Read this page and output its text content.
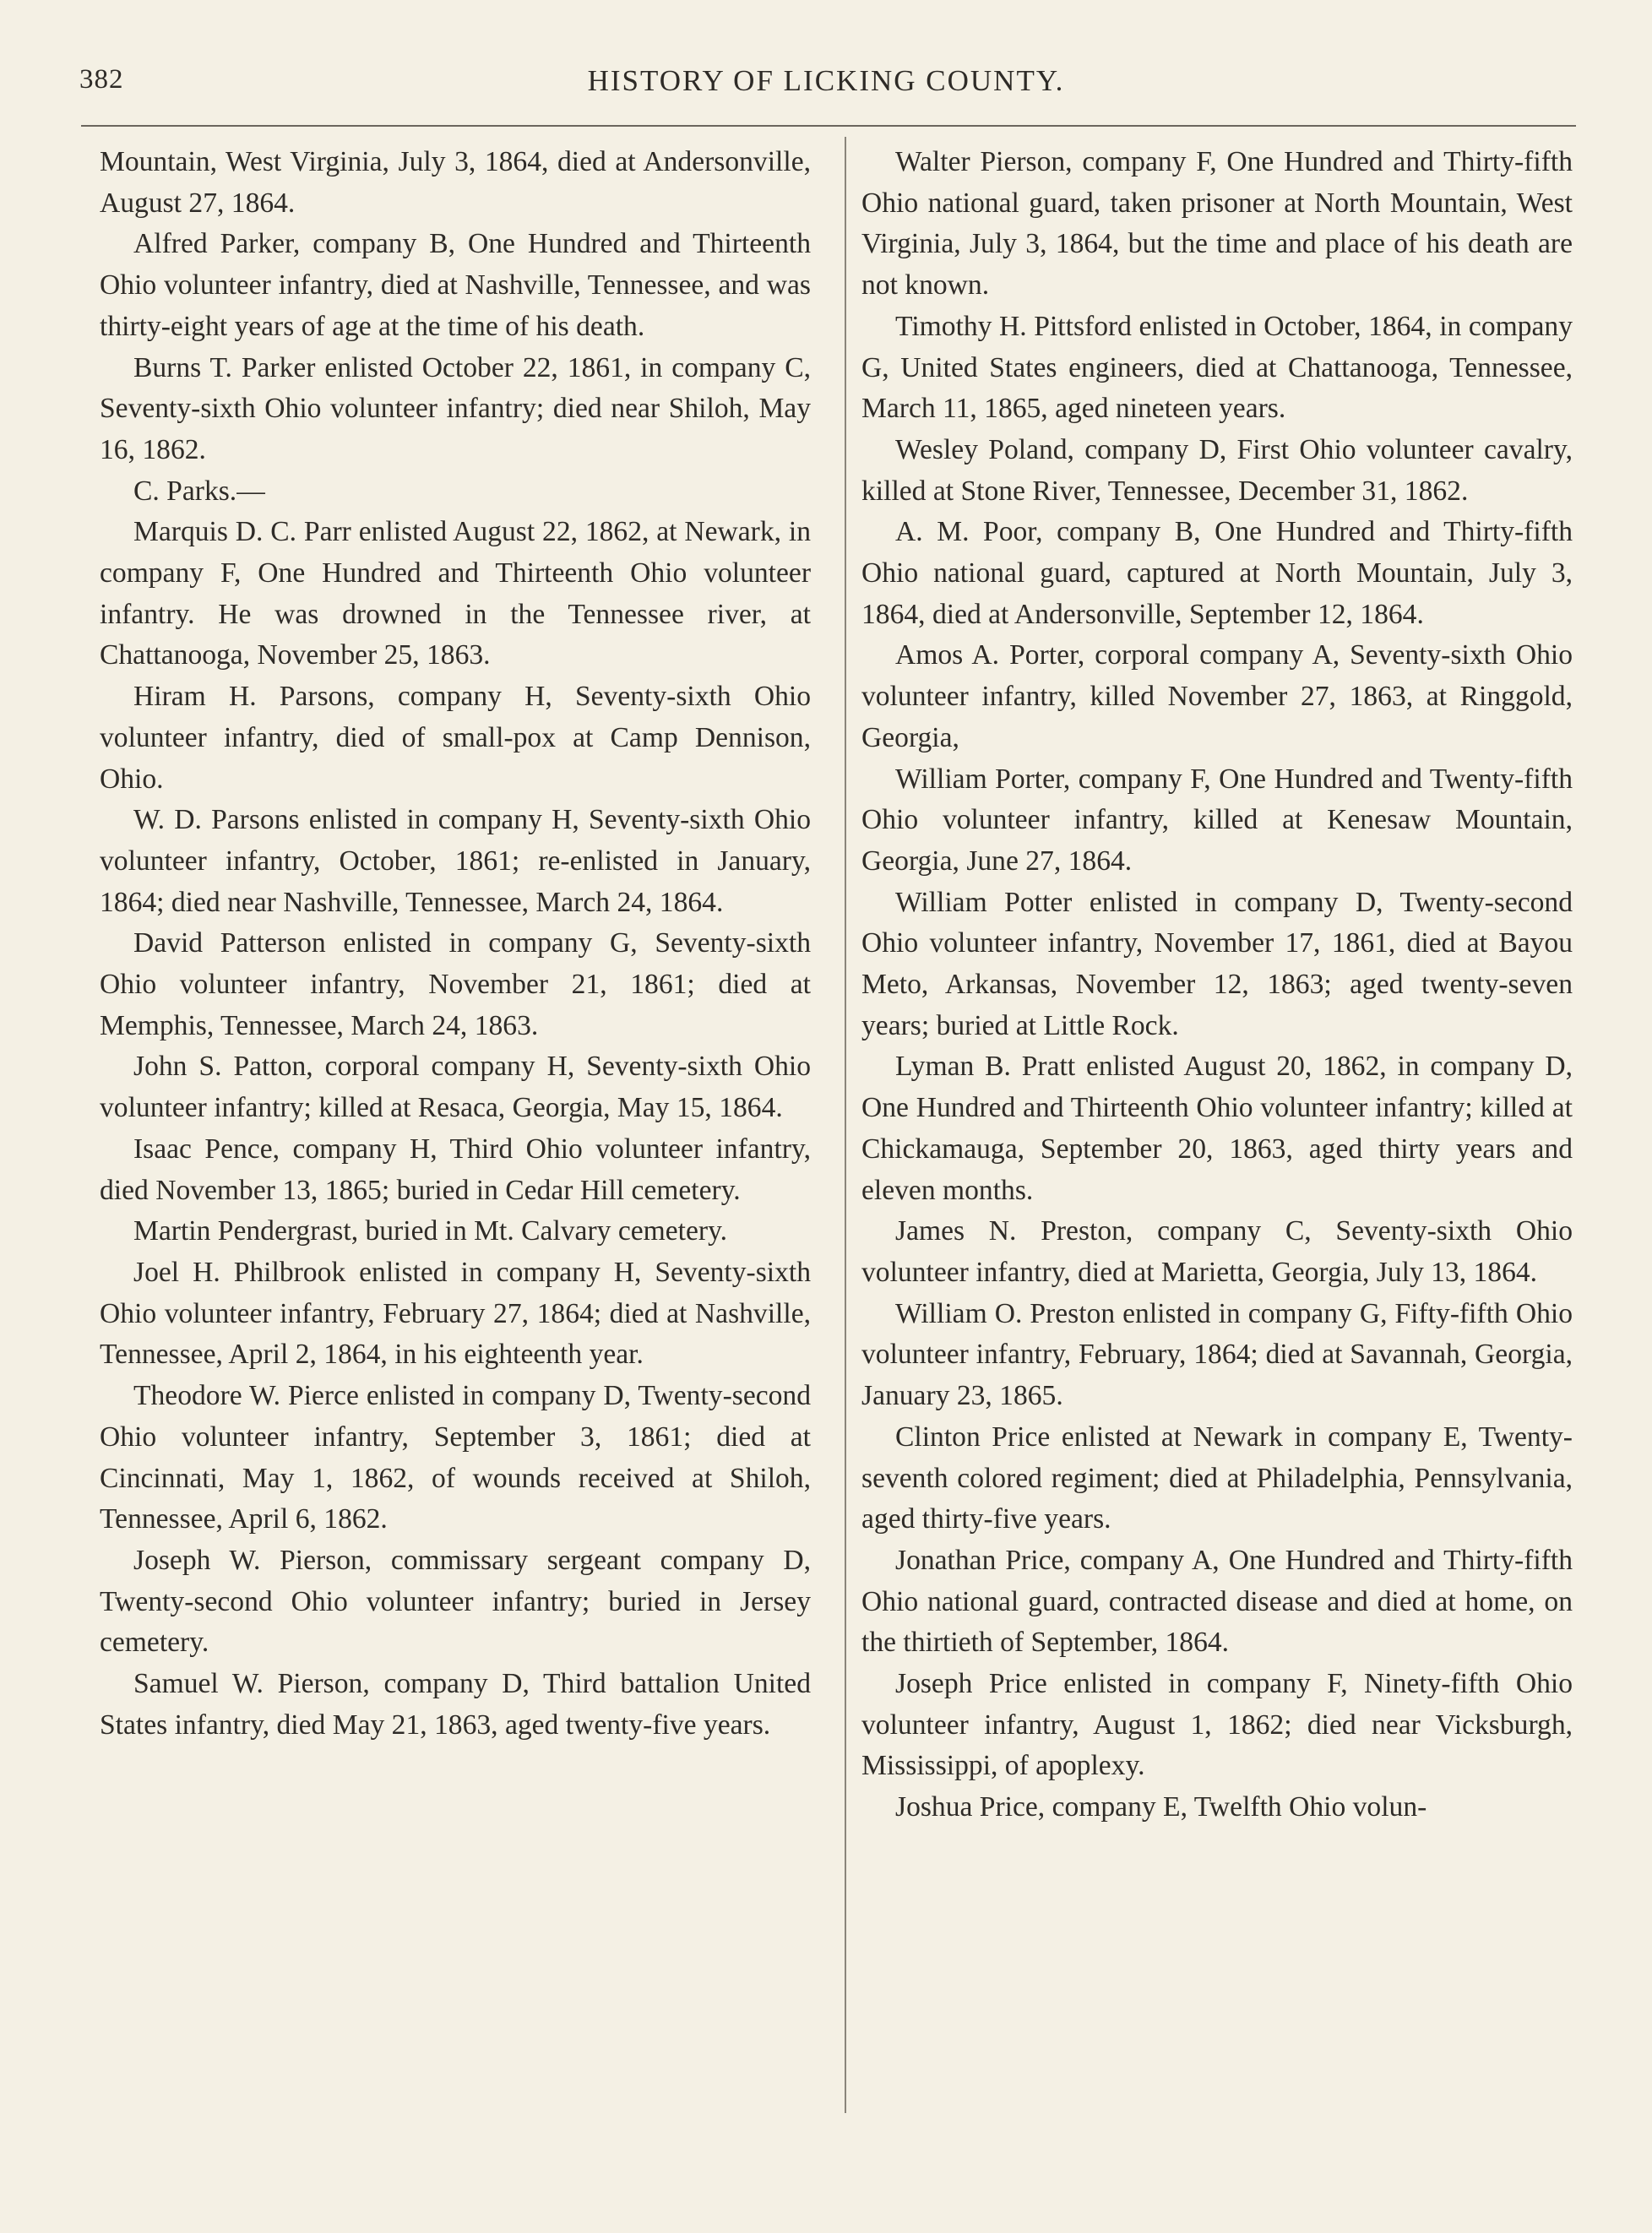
382	HISTORY OF LICKING COUNTY.

Mountain, West Virginia, July 3, 1864, died at Andersonville, August 27, 1864.

Alfred Parker, company B, One Hundred and Thirteenth Ohio volunteer infantry, died at Nashville, Tennessee, and was thirty-eight years of age at the time of his death.

Burns T. Parker enlisted October 22, 1861, in company C, Seventy-sixth Ohio volunteer infantry; died near Shiloh, May 16, 1862.

C. Parks.—

Marquis D. C. Parr enlisted August 22, 1862, at Newark, in company F, One Hundred and Thirteenth Ohio volunteer infantry. He was drowned in the Tennessee river, at Chattanooga, November 25, 1863.

Hiram H. Parsons, company H, Seventy-sixth Ohio volunteer infantry, died of small-pox at Camp Dennison, Ohio.

W. D. Parsons enlisted in company H, Seventy-sixth Ohio volunteer infantry, October, 1861; re-enlisted in January, 1864; died near Nashville, Tennessee, March 24, 1864.

David Patterson enlisted in company G, Seventy-sixth Ohio volunteer infantry, November 21, 1861; died at Memphis, Tennessee, March 24, 1863.

John S. Patton, corporal company H, Seventy-sixth Ohio volunteer infantry; killed at Resaca, Georgia, May 15, 1864.

Isaac Pence, company H, Third Ohio volunteer infantry, died November 13, 1865; buried in Cedar Hill cemetery.

Martin Pendergrast, buried in Mt. Calvary cemetery.

Joel H. Philbrook enlisted in company H, Seventy-sixth Ohio volunteer infantry, February 27, 1864; died at Nashville, Tennessee, April 2, 1864, in his eighteenth year.

Theodore W. Pierce enlisted in company D, Twenty-second Ohio volunteer infantry, September 3, 1861; died at Cincinnati, May 1, 1862, of wounds received at Shiloh, Tennessee, April 6, 1862.

Joseph W. Pierson, commissary sergeant company D, Twenty-second Ohio volunteer infantry; buried in Jersey cemetery.

Samuel W. Pierson, company D, Third battalion United States infantry, died May 21, 1863, aged twenty-five years.

Walter Pierson, company F, One Hundred and Thirty-fifth Ohio national guard, taken prisoner at North Mountain, West Virginia, July 3, 1864, but the time and place of his death are not known.

Timothy H. Pittsford enlisted in October, 1864, in company G, United States engineers, died at Chattanooga, Tennessee, March 11, 1865, aged nineteen years.

Wesley Poland, company D, First Ohio volunteer cavalry, killed at Stone River, Tennessee, December 31, 1862.

A. M. Poor, company B, One Hundred and Thirty-fifth Ohio national guard, captured at North Mountain, July 3, 1864, died at Andersonville, September 12, 1864.

Amos A. Porter, corporal company A, Seventy-sixth Ohio volunteer infantry, killed November 27, 1863, at Ringgold, Georgia,

William Porter, company F, One Hundred and Twenty-fifth Ohio volunteer infantry, killed at Kenesaw Mountain, Georgia, June 27, 1864.

William Potter enlisted in company D, Twenty-second Ohio volunteer infantry, November 17, 1861, died at Bayou Meto, Arkansas, November 12, 1863; aged twenty-seven years; buried at Little Rock.

Lyman B. Pratt enlisted August 20, 1862, in company D, One Hundred and Thirteenth Ohio volunteer infantry; killed at Chickamauga, September 20, 1863, aged thirty years and eleven months.

James N. Preston, company C, Seventy-sixth Ohio volunteer infantry, died at Marietta, Georgia, July 13, 1864.

William O. Preston enlisted in company G, Fifty-fifth Ohio volunteer infantry, February, 1864; died at Savannah, Georgia, January 23, 1865.

Clinton Price enlisted at Newark in company E, Twenty-seventh colored regiment; died at Philadelphia, Pennsylvania, aged thirty-five years.

Jonathan Price, company A, One Hundred and Thirty-fifth Ohio national guard, contracted disease and died at home, on the thirtieth of September, 1864.

Joseph Price enlisted in company F, Ninety-fifth Ohio volunteer infantry, August 1, 1862; died near Vicksburgh, Mississippi, of apoplexy.

Joshua Price, company E, Twelfth Ohio volun-
